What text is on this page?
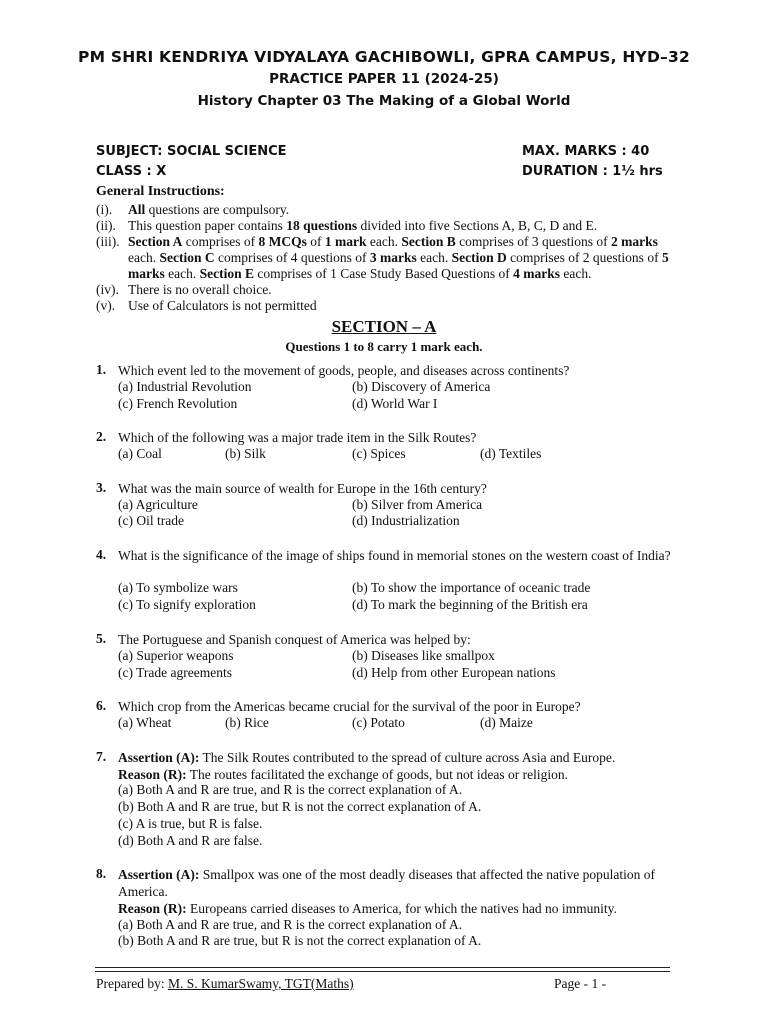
PM SHRI KENDRIYA VIDYALAYA GACHIBOWLI, GPRA CAMPUS, HYD–32
PRACTICE PAPER 11 (2024-25)
History Chapter 03 The Making of a Global World
SUBJECT: SOCIAL SCIENCE	MAX. MARKS : 40
CLASS : X	DURATION : 1½ hrs
General Instructions:
(i). All questions are compulsory.
(ii). This question paper contains 18 questions divided into five Sections A, B, C, D and E.
(iii). Section A comprises of 8 MCQs of 1 mark each. Section B comprises of 3 questions of 2 marks each. Section C comprises of 4 questions of 3 marks each. Section D comprises of 2 questions of 5 marks each. Section E comprises of 1 Case Study Based Questions of 4 marks each.
(iv). There is no overall choice.
(v). Use of Calculators is not permitted
SECTION – A
Questions 1 to 8 carry 1 mark each.
1. Which event led to the movement of goods, people, and diseases across continents?
(a) Industrial Revolution	(b) Discovery of America
(c) French Revolution	(d) World War I
2. Which of the following was a major trade item in the Silk Routes?
(a) Coal	(b) Silk	(c) Spices	(d) Textiles
3. What was the main source of wealth for Europe in the 16th century?
(a) Agriculture	(b) Silver from America
(c) Oil trade	(d) Industrialization
4. What is the significance of the image of ships found in memorial stones on the western coast of India?
(a) To symbolize wars	(b) To show the importance of oceanic trade
(c) To signify exploration	(d) To mark the beginning of the British era
5. The Portuguese and Spanish conquest of America was helped by:
(a) Superior weapons	(b) Diseases like smallpox
(c) Trade agreements	(d) Help from other European nations
6. Which crop from the Americas became crucial for the survival of the poor in Europe?
(a) Wheat	(b) Rice	(c) Potato	(d) Maize
7. Assertion (A): The Silk Routes contributed to the spread of culture across Asia and Europe.
Reason (R): The routes facilitated the exchange of goods, but not ideas or religion.
(a) Both A and R are true, and R is the correct explanation of A.
(b) Both A and R are true, but R is not the correct explanation of A.
(c) A is true, but R is false.
(d) Both A and R are false.
8. Assertion (A): Smallpox was one of the most deadly diseases that affected the native population of America.
Reason (R): Europeans carried diseases to America, for which the natives had no immunity.
(a) Both A and R are true, and R is the correct explanation of A.
(b) Both A and R are true, but R is not the correct explanation of A.
Prepared by: M. S. KumarSwamy, TGT(Maths)	Page - 1 -
